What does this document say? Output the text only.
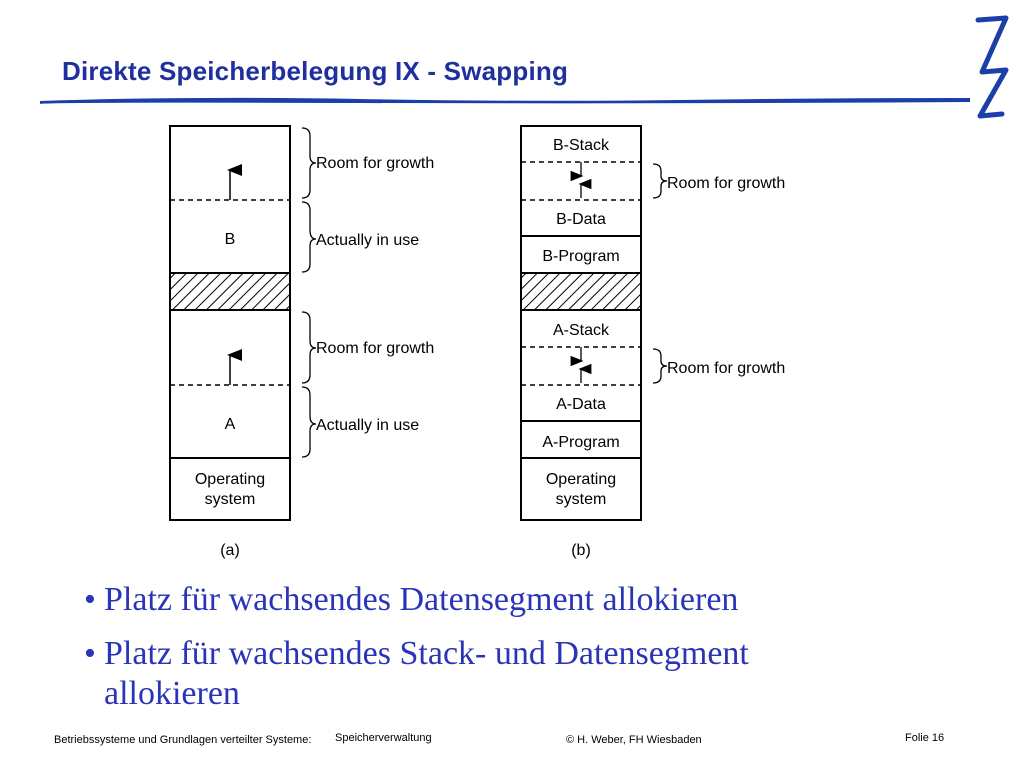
Direkte Speicherbelegung IX - Swapping
B
A
Operating
system
Room for growth
Actually in use
Room for growth
Actually in use
(a)
B-Stack
B-Data
B-Program
A-Stack
A-Data
A-Program
Operating
system
Room for growth
Room for growth
(b)
• Platz für wachsendes Datensegment allokieren
• Platz für wachsendes Stack- und Datensegment
allokieren
Betriebssysteme und Grundlagen verteilter Systeme: Speicherverwaltung	© H. Weber, FH Wiesbaden	Folie 16
